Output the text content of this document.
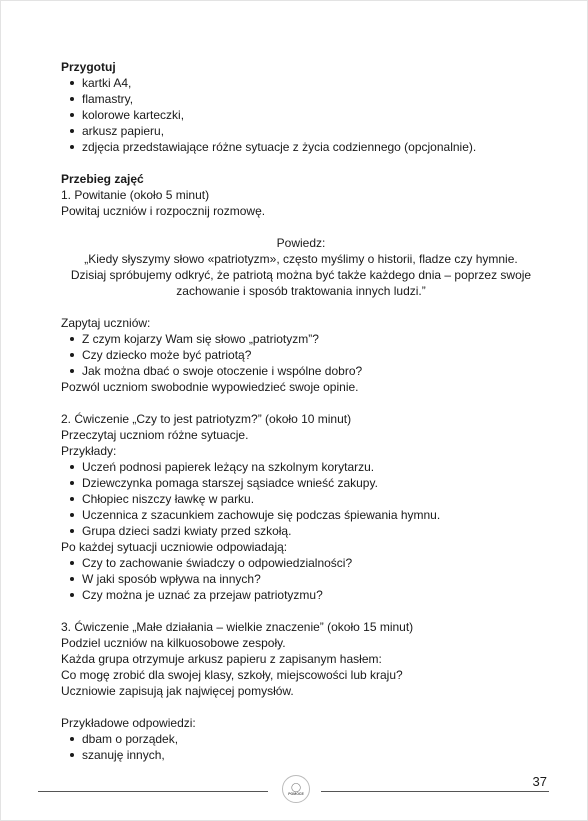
Przygotuj
kartki A4,
flamastry,
kolorowe karteczki,
arkusz papieru,
zdjęcia przedstawiające różne sytuacje z życia codziennego (opcjonalnie).
Przebieg zajęć
1. Powitanie (około 5 minut)
Powitaj uczniów i rozpocznij rozmowę.
Powiedz:
„Kiedy słyszymy słowo «patriotyzm», często myślimy o historii, fladze czy hymnie.
Dzisiaj spróbujemy odkryć, że patriotą można być także każdego dnia – poprzez swoje
zachowanie i sposób traktowania innych ludzi.”
Zapytaj uczniów:
Z czym kojarzy Wam się słowo „patriotyzm”?
Czy dziecko może być patriotą?
Jak można dbać o swoje otoczenie i wspólne dobro?
Pozwól uczniom swobodnie wypowiedzieć swoje opinie.
2. Ćwiczenie „Czy to jest patriotyzm?” (około 10 minut)
Przeczytaj uczniom różne sytuacje.
Przykłady:
Uczeń podnosi papierek leżący na szkolnym korytarzu.
Dziewczynka pomaga starszej sąsiadce wnieść zakupy.
Chłopiec niszczy ławkę w parku.
Uczennica z szacunkiem zachowuje się podczas śpiewania hymnu.
Grupa dzieci sadzi kwiaty przed szkołą.
Po każdej sytuacji uczniowie odpowiadają:
Czy to zachowanie świadczy o odpowiedzialności?
W jaki sposób wpływa na innych?
Czy można je uznać za przejaw patriotyzmu?
3. Ćwiczenie „Małe działania – wielkie znaczenie” (około 15 minut)
Podziel uczniów na kilkuosobowe zespoły.
Każda grupa otrzymuje arkusz papieru z zapisanym hasłem:
Co mogę zrobić dla swojej klasy, szkoły, miejscowości lub kraju?
Uczniowie zapisują jak najwięcej pomysłów.
Przykładowe odpowiedzi:
dbam o porządek,
szanuję innych,
◯
POMOCE
37
